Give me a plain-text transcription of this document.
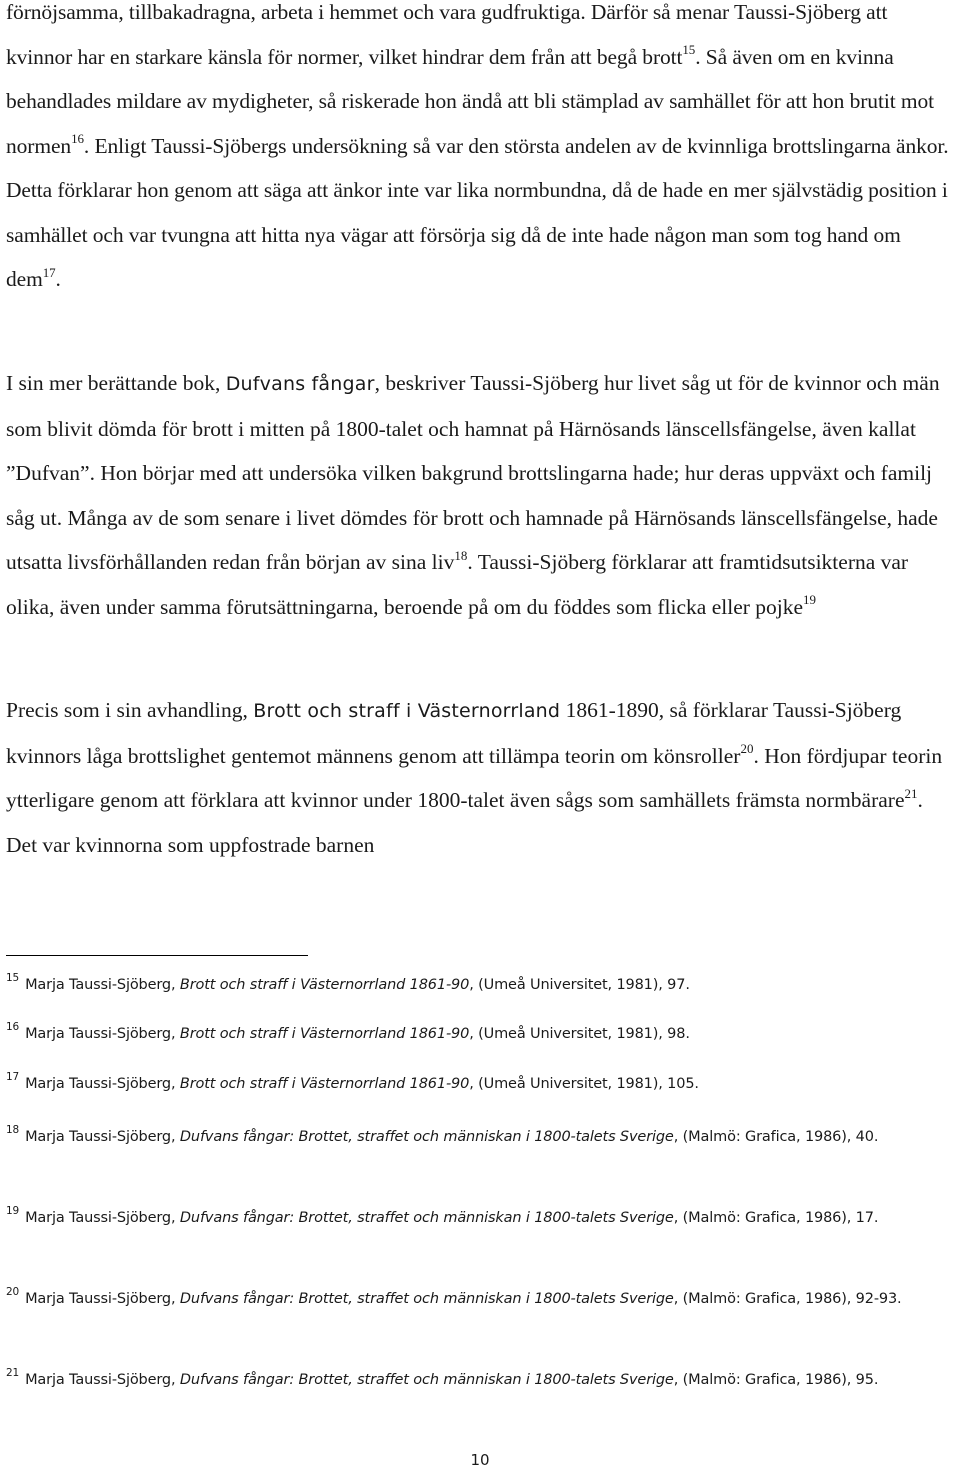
förnöjsamma, tillbakadragna, arbeta i hemmet och vara gudfruktiga. Därför så menar Taussi-Sjöberg att kvinnor har en starkare känsla för normer, vilket hindrar dem från att begå brott$^{15}$. Så även om en kvinna behandlades mildare av mydigheter, så riskerade hon ändå att bli stämplad av samhället för att hon brutit mot normen$^{16}$. Enligt Taussi-Sjöbergs undersökning så var den största andelen av de kvinnliga brottslingarna änkor. Detta förklarar hon genom att säga att änkor inte var lika normbundna, då de hade en mer självstädig position i samhället och var tvungna att hitta nya vägar att försörja sig då de inte hade någon man som tog hand om dem$^{17}$.

I sin mer berättande bok, Dufvans fångar, beskriver Taussi-Sjöberg hur livet såg ut för de kvinnor och män som blivit dömda för brott i mitten på 1800-talet och hamnat på Härnösands länscellsfängelse, även kallat ”Dufvan”. Hon börjar med att undersöka vilken bakgrund brottslingarna hade; hur deras uppväxt och familj såg ut. Många av de som senare i livet dömdes för brott och hamnade på Härnösands länscellsfängelse, hade utsatta livsförhållanden redan från början av sina liv$^{18}$. Taussi-Sjöberg förklarar att framtidsutsikterna var olika, även under samma förutsättningarna, beroende på om du föddes som flicka eller pojke$^{19}$

Precis som i sin avhandling, Brott och straff i Västernorrland 1861-1890, så förklarar Taussi-Sjöberg kvinnors låga brottslighet gentemot männens genom att tillämpa teorin om könsroller$^{20}$. Hon fördjupar teorin ytterligare genom att förklara att kvinnor under 1800-talet även sågs som samhällets främsta normbärare$^{21}$. Det var kvinnorna som uppfostrade barnen

$^{15}$ Marja Taussi-Sjöberg, Brott och straff i Västernorrland 1861-90, (Umeå Universitet, 1981), 97.

$^{16}$ Marja Taussi-Sjöberg, Brott och straff i Västernorrland 1861-90, (Umeå Universitet, 1981), 98.

$^{17}$ Marja Taussi-Sjöberg, Brott och straff i Västernorrland 1861-90, (Umeå Universitet, 1981), 105.

$^{18}$ Marja Taussi-Sjöberg, Dufvans fångar: Brottet, straffet och människan i 1800-talets Sverige, (Malmö: Grafica, 1986), 40.

$^{19}$ Marja Taussi-Sjöberg, Dufvans fångar: Brottet, straffet och människan i 1800-talets Sverige, (Malmö: Grafica, 1986), 17.

$^{20}$ Marja Taussi-Sjöberg, Dufvans fångar: Brottet, straffet och människan i 1800-talets Sverige, (Malmö: Grafica, 1986), 92-93.

$^{21}$ Marja Taussi-Sjöberg, Dufvans fångar: Brottet, straffet och människan i 1800-talets Sverige, (Malmö: Grafica, 1986), 95.

10
